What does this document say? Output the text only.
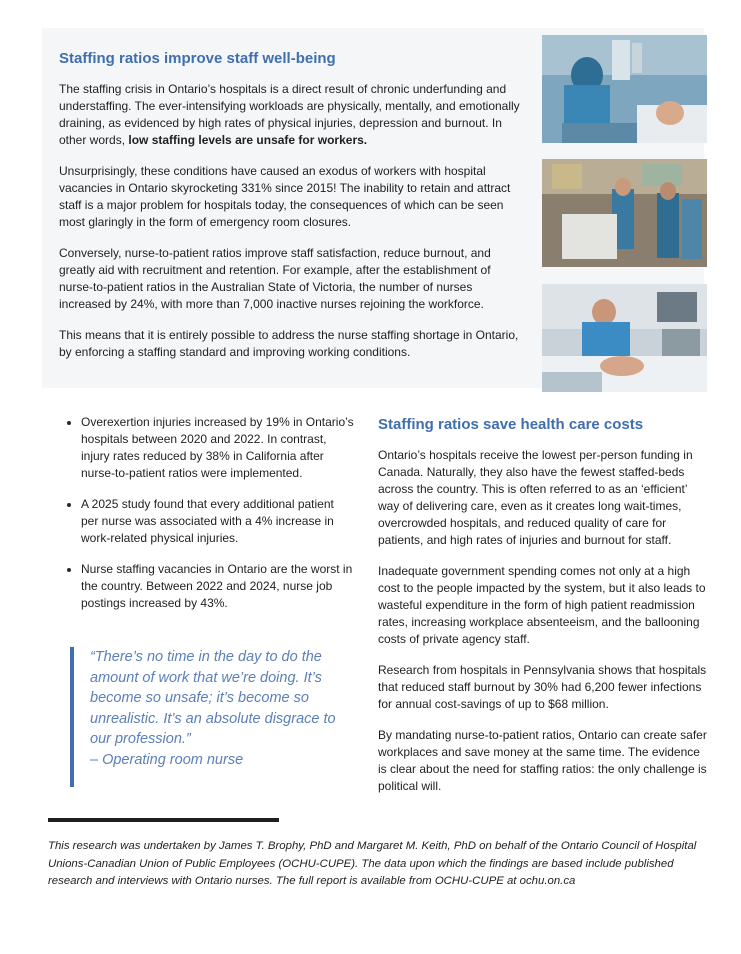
Staffing ratios improve staff well-being

The staffing crisis in Ontario’s hospitals is a direct result of chronic underfunding and understaffing. The ever-intensifying workloads are physically, mentally, and emotionally draining, as evidenced by high rates of physical injuries, depression and burnout. In other words, low staffing levels are unsafe for workers.

Unsurprisingly, these conditions have caused an exodus of workers with hospital vacancies in Ontario skyrocketing 331% since 2015! The inability to retain and attract staff is a major problem for hospitals today, the consequences of which can be seen most glaringly in the form of emergency room closures.

Conversely, nurse-to-patient ratios improve staff satisfaction, reduce burnout, and greatly aid with recruitment and retention. For example, after the establishment of nurse-to-patient ratios in the Australian State of Victoria, the number of nurses increased by 24%, with more than 7,000 inactive nurses rejoining the workforce.

This means that it is entirely possible to address the nurse staffing shortage in Ontario, by enforcing a staffing standard and improving working conditions.

Overexertion injuries increased by 19% in Ontario’s hospitals between 2020 and 2022. In contrast, injury rates reduced by 38% in California after nurse-to-patient ratios were implemented.
A 2025 study found that every additional patient per nurse was associated with a 4% increase in work-related physical injuries.
Nurse staffing vacancies in Ontario are the worst in the country. Between 2022 and 2024, nurse job postings increased by 43%.
“There’s no time in the day to do the amount of work that we’re doing. It’s become so unsafe; it’s become so unrealistic. It’s an absolute disgrace to our profession.”
– Operating room nurse
Staffing ratios save health care costs

Ontario’s hospitals receive the lowest per-person funding in Canada. Naturally, they also have the fewest staffed-beds across the country. This is often referred to as an ‘efficient’ way of delivering care, even as it creates long wait-times, overcrowded hospitals, and reduced quality of care for patients, and high rates of injuries and burnout for staff.

Inadequate government spending comes not only at a high cost to the people impacted by the system, but it also leads to wasteful expenditure in the form of high patient readmission rates, increasing workplace absenteeism, and the ballooning costs of private agency staff.

Research from hospitals in Pennsylvania shows that hospitals that reduced staff burnout by 30% had 6,200 fewer infections for annual cost-savings of up to $68 million.

By mandating nurse-to-patient ratios, Ontario can create safer workplaces and save money at the same time. The evidence is clear about the need for staffing ratios: the only challenge is political will.

This research was undertaken by James T. Brophy, PhD and Margaret M. Keith, PhD on behalf of the Ontario Council of Hospital Unions-Canadian Union of Public Employees (OCHU-CUPE). The data upon which the findings are based include published research and interviews with Ontario nurses. The full report is available from OCHU-CUPE at ochu.on.ca
